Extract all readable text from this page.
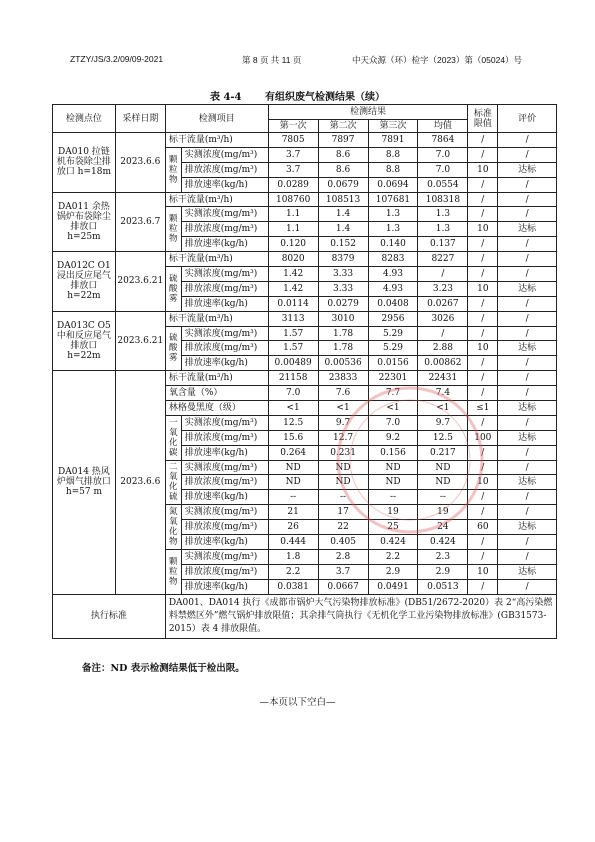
ZTZY/JS/3.2/09/09-2021	第 8 页 共 11 页	中天众源（环）检字（2023）第（05024）号
表 4-4 有组织废气检测结果（续）
检测点位	采样日期	检测项目		检测结果				标准限值	评价
				第一次	第二次	第三次	均值		
DA010 拉链机布袋除尘排放口 h=18m	2023.6.6	标干流量(m³/h)		7805	7897	7891	7864	/	/
		颗粒物	实测浓度(mg/m³)	3.7	8.6	8.8	7.0	/	/
			排放浓度(mg/m³)	3.7	8.6	8.8	7.0	10	达标
			排放速率(kg/h)	0.0289	0.0679	0.0694	0.0554	/	/
DA011 余热锅炉布袋除尘排放口 h=25m	2023.6.7	标干流量(m³/h)		108760	108513	107681	108318	/	/
		颗粒物	实测浓度(mg/m³)	1.1	1.4	1.3	1.3	/	/
			排放浓度(mg/m³)	1.1	1.4	1.3	1.3	10	达标
			排放速率(kg/h)	0.120	0.152	0.140	0.137	/	/
DA012C O1 浸出反应尾气排放口 h=22m	2023.6.21	标干流量(m³/h)		8020	8379	8283	8227	/	/
		硫酸雾	实测浓度(mg/m³)	1.42	3.33	4.93	/	/	/
			排放浓度(mg/m³)	1.42	3.33	4.93	3.23	10	达标
			排放速率(kg/h)	0.0114	0.0279	0.0408	0.0267	/	/
DA013C O5 中和反应尾气排放口 h=22m	2023.6.21	标干流量(m³/h)		3113	3010	2956	3026	/	/
		硫酸雾	实测浓度(mg/m³)	1.57	1.78	5.29	/	/	/
			排放浓度(mg/m³)	1.57	1.78	5.29	2.88	10	达标
			排放速率(kg/h)	0.00489	0.00536	0.0156	0.00862	/	/
DA014 热风炉烟气排放口 h=57 m	2023.6.6	标干流量(m³/h)		21158	23833	22301	22431	/	/
		氧含量（%）		7.0	7.6	7.7	7.4	/	/
		林格曼黑度（级）		<1	<1	<1	<1	≤1	达标
		一氧化碳	实测浓度(mg/m³)	12.5	9.7	7.0	9.7	/	/
			排放浓度(mg/m³)	15.6	12.7	9.2	12.5	100	达标
			排放速率(kg/h)	0.264	0.231	0.156	0.217	/	/
		二氧化硫	实测浓度(mg/m³)	ND	ND	ND	ND	/	/
			排放浓度(mg/m³)	ND	ND	ND	ND	10	达标
			排放速率(kg/h)	--	--	--	--	/	/
		氮氧化物	实测浓度(mg/m³)	21	17	19	19	/	/
			排放浓度(mg/m³)	26	22	25	24	60	达标
			排放速率(kg/h)	0.444	0.405	0.424	0.424	/	/
		颗粒物	实测浓度(mg/m³)	1.8	2.8	2.2	2.3	/	/
			排放浓度(mg/m³)	2.2	3.7	2.9	2.9	10	达标
			排放速率(kg/h)	0.0381	0.0667	0.0491	0.0513	/	/
执行标准		DA001、DA014 执行《成都市锅炉大气污染物排放标准》(DB51/2672-2020）表 2“高污染燃料禁燃区外”燃气锅炉排放限值；其余排气筒执行《无机化学工业污染物排放标准》(GB31573-2015）表 4 排放限值。							
备注：ND 表示检测结果低于检出限。
—本页以下空白—
